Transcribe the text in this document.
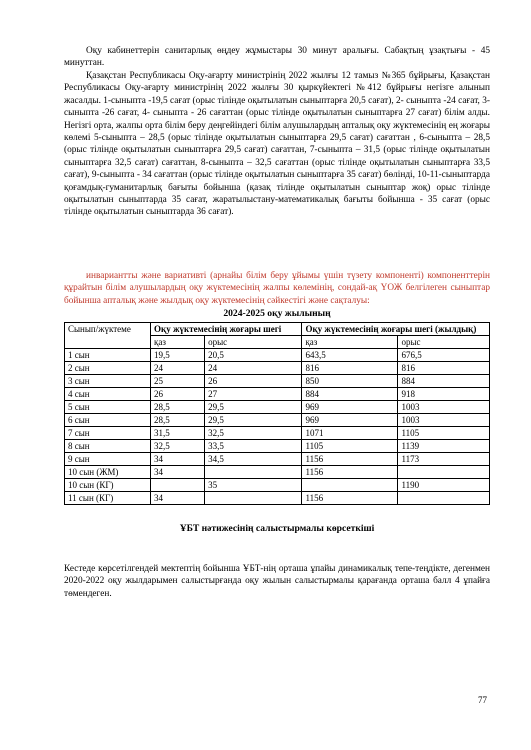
Оқу кабинеттерін санитарлық өңдеу жұмыстары 30 минут аралығы. Сабақтың ұзақтығы - 45 минуттан.

Қазақстан Республикасы Оқу-ағарту министрінің 2022 жылғы 12 тамыз №365 бұйрығы, Қазақстан Республикасы Оқу-ағарту министрінің 2022 жылғы 30 қыркүйектегі №412 бұйрығы негізге алынып жасалды. 1-сыныпта -19,5 сағат (орыс тілінде оқытылатын сыныптарға 20,5 сағат), 2- сыныпта -24 сағат, 3- сыныпта -26 сағат, 4- сыныпта - 26 сағаттан (орыс тілінде оқытылатын сыныптарға 27 сағат) білім алды. Негізгі орта, жалпы орта білім беру деңгейіндегі білім алушылардың апталық оқу жүктемесінің ең жоғары көлемі 5-сыныпта – 28,5 (орыс тілінде оқытылатын сыныптарға 29,5 сағат) сағаттан , 6-сыныпта – 28,5 (орыс тілінде оқытылатын сыныптарға 29,5 сағат) сағаттан, 7-сыныпта – 31,5 (орыс тілінде оқытылатын сыныптарға 32,5 сағат) сағаттан, 8-сыныпта – 32,5 сағаттан (орыс тілінде оқытылатын сыныптарға 33,5 сағат), 9-сыныпта - 34 сағаттан (орыс тілінде оқытылатын сыныптарға 35 сағат) бөлінді, 10-11-сыныптарда қоғамдық-гуманитарлық бағыты бойынша (қазақ тілінде оқытылатын сыныптар жоқ) орыс тілінде оқытылатын сыныптарда 35 сағат, жаратылыстану-математикалық бағыты бойынша - 35 сағат (орыс тілінде оқытылатын сыныптарда 36 сағат).

инвариантты және вариативті (арнайы білім беру ұйымы үшін түзету компоненті) компоненттерін құрайтын білім алушылардың оқу жүктемесінің жалпы көлемінің, сондай-ақ ҮОЖ белгілеген сыныптар бойынша апталық және жылдық оқу жүктемесінің сәйкестігі және сақталуы:

2024-2025 оқу жылының

Сынып/жүктеме	Оқу жүктемесінің жоғары шегі		Оқу жүктемесінің жоғары шегі (жылдық)	
	қаз	орыс	қаз	орыс
1 сын	19,5	20,5	643,5	676,5
2 сын	24	24	816	816
3 сын	25	26	850	884
4 сын	26	27	884	918
5 сын	28,5	29,5	969	1003
6 сын	28,5	29,5	969	1003
7 сын	31,5	32,5	1071	1105
8 сын	32,5	33,5	1105	1139
9 сын	34	34,5	1156	1173
10 сын (ЖМ)	34		1156	
10 сын (КГ)		35		1190
11 сын (КГ)	34		1156	

ҰБТ нәтижесінің салыстырмалы көрсеткіші

Кестеде көрсетілгендей мектептің бойынша ҰБТ-нің орташа ұпайы динамикалық тепе-теңдікте, дегенмен 2020-2022 оқу жылдарымен салыстырғанда оқу жылын салыстырмалы қарағанда орташа балл 4 ұпайға төмендеген.

77
